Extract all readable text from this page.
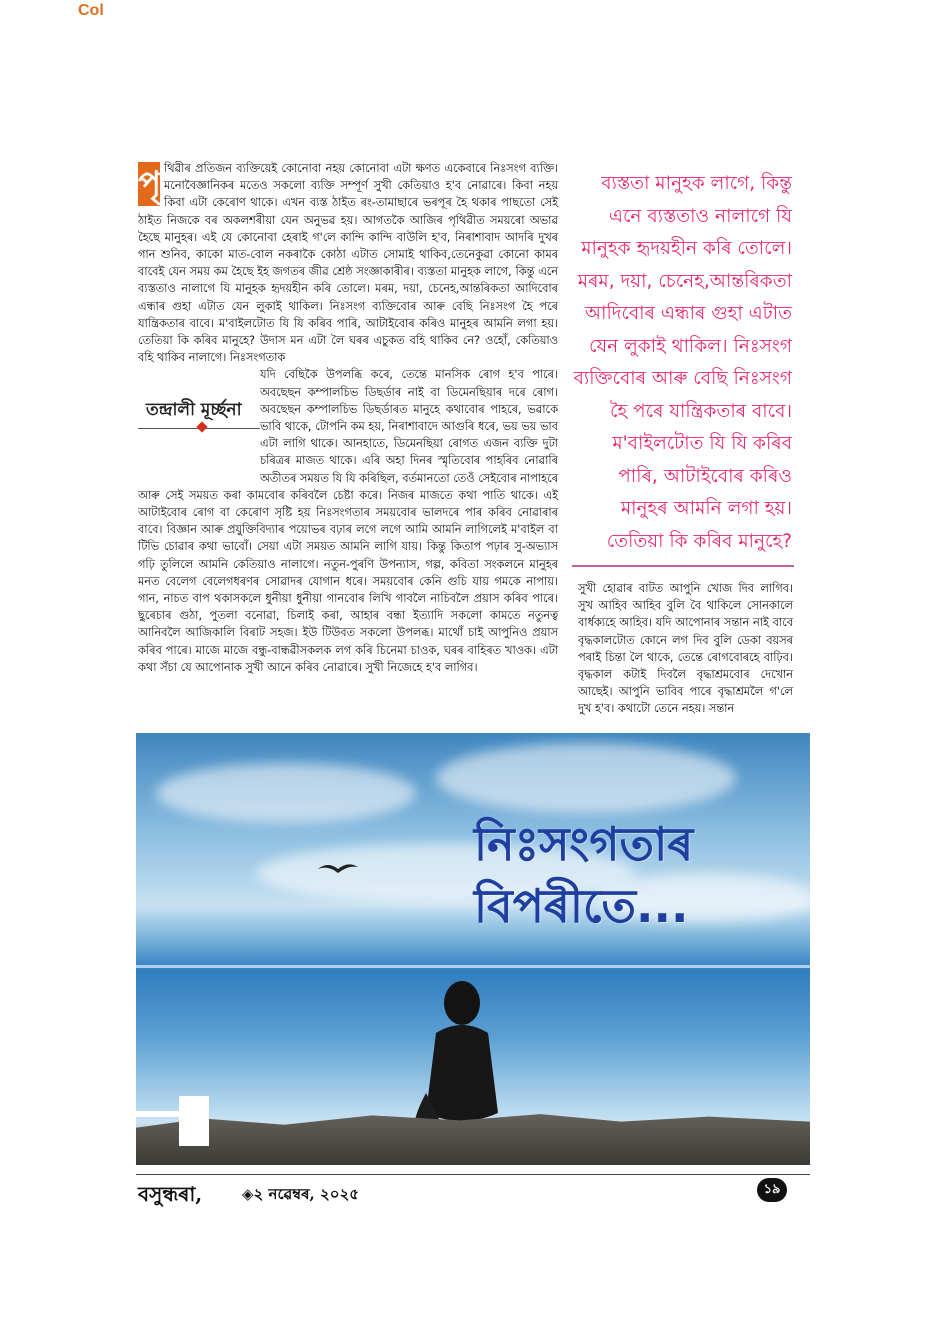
Col
পৃ থিৱীৰ প্ৰতিজন ব্যক্তিয়েই কোনোবা নহয় কোনোবা এটা ক্ষণত একেবাৰে নিঃসংগ ব্যক্তি। মনোবৈজ্ঞানিকৰ মতেও সকলো ব্যক্তি সম্পূৰ্ণ সুখী কেতিয়াও হ'ব নোৱাৰে। কিবা নহয় কিবা এটা কেৰোণ থাকে। এখন ব্যস্ত ঠাইত ৰং-তামাছাৰে ভৰপূৰ হৈ থকাৰ পাছতো সেই ঠাইত নিজকে বৰ অকলশৰীয়া যেন অনুভৱ হয়। আগতকৈ আজিৰ পৃথিৱীত সময়ৰো অভাৱ হৈছে মানুহৰ। এই যে কোনোবা হেৰাই গ'লে কান্দি কান্দি বাউলি হ'ব, নিৰাশাবাদ আদৰি দুখৰ গান শুনিব, কাকো মাত-বোল নকৰাকৈ কোঠা এটাত সোমাই থাকিব,তেনেকুৱা কোনো কামৰ বাবেই যেন সময় কম হৈছে ইহ জগতৰ জীৱ শ্ৰেষ্ঠ সংজ্ঞাকাৰীৰ। ব্যস্ততা মানুহক লাগে, কিন্তু এনে ব্যস্ততাও নালাগে যি মানুহক হৃদয়হীন কৰি তোলে। মৰম, দয়া, চেনেহ,আন্তৰিকতা আদিবোৰ এন্ধাৰ গুহা এটাত যেন লুকাই থাকিল। নিঃসংগ ব্যক্তিবোৰ আৰু বেছি নিঃসংগ হৈ পৰে যান্ত্ৰিকতাৰ বাবে। ম'বাইলটোত যি যি কৰিব পাৰি, আটাইবোৰ কৰিও মানুহৰ আমনি লগা হয়। তেতিয়া কি কৰিব মানুহে? উদাস মন এটা লৈ ঘৰৰ এচুকত বহি থাকিব নে? ওহোঁ, কেতিয়াও বহি থাকিব নালাগে। নিঃসংগতাক

তন্দ্ৰালী মূৰ্চ্ছনা

যদি বেছিকৈ উপলব্ধি কৰে, তেন্তে মানসিক ৰোগ হ'ব পাৰে। অবছেছন কম্পালচিভ ডিছৰ্ডাৰ নাই বা ডিমেনছিয়াৰ দৰে ৰোগ। অবছেছন কম্পালচিভ ডিছৰ্ডাৰত মানুহে কথাবোৰ পাহৰে, ভৱাকে ভাবি থাকে, টোপনি কম হয়, নিৰাশাবাদে আগুৰি ধৰে, ভয় ভয় ভাব এটা লাগি থাকে। আনহাতে, ডিমেনছিয়া ৰোগত এজন ব্যক্তি দুটা চৰিত্ৰৰ মাজত থাকে। এৰি অহা দিনৰ স্মৃতিবোৰ পাহৰিব নোৱাৰি অতীতৰ সময়ত যি যি কৰিছিল, বৰ্তমানতো তেওঁ সেইবোৰ নাপাহৰে আৰু সেই সময়ত কৰা কামবোৰ কৰিবলৈ চেষ্টা কৰে। নিজৰ মাজতে কথা পাতি থাকে। এই আটাইবোৰ ৰোগ বা কেৰোণ সৃষ্টি হয় নিঃসংগতাৰ সময়বোৰ ভালদৰে পাৰ কৰিব নোৱাৰাৰ বাবে। বিজ্ঞান আৰু প্ৰযুক্তিবিদ্যাৰ পয়োভৰ বঢ়াৰ লগে লগে আমি আমনি লাগিলেই ম'বাইল বা টিভি চোৱাৰ কথা ভাবোঁ। সেয়া এটা সময়ত আমনি লাগি যায়। কিন্তু কিতাপ পঢ়াৰ সু-অভ্যাস গঢ়ি তুলিলে আমনি কেতিয়াও নালাগে। নতুন-পুৰণি উপন্যাস, গল্প, কবিতা সংকলনে মানুহৰ মনত বেলেগ বেলেগধৰণৰ সোৱাদৰ যোগান ধৰে। সময়বোৰ কেনি গুচি যায় গমকে নাপায়। গান, নাচত বাপ থকাসকলে ধুনীয়া ধুনীয়া গানবোৰ লিখি গাবলৈ নাচিবলৈ প্ৰয়াস কৰিব পাৰে। ছুৰেচাৰ গুঠা, পুতলা বনোৱা, চিলাই কৰা, আহাৰ বন্ধা ইত্যাদি সকলো কামতে নতুনত্ব আনিবলৈ আজিকালি বিৰাট সহজ। ইউ টিউবত সকলো উপলব্ধ। মাথোঁ চাই আপুনিও প্ৰয়াস কৰিব পাৰে। মাজে মাজে বন্ধু-বান্ধৱীসকলক লগ কৰি চিনেমা চাওক, ঘৰৰ বাহিৰত খাওক। এটা কথা সঁচা যে আপোনাক সুখী আনে কৰিব নোৱাৰে। সুখী নিজেহে হ'ব লাগিব।

ব্যস্ততা মানুহক লাগে, কিন্তু এনে ব্যস্ততাও নালাগে যি মানুহক হৃদয়হীন কৰি তোলে। মৰম, দয়া, চেনেহ,আন্তৰিকতা আদিবোৰ এন্ধাৰ গুহা এটাত যেন লুকাই থাকিল। নিঃসংগ ব্যক্তিবোৰ আৰু বেছি নিঃসংগ হৈ পৰে যান্ত্ৰিকতাৰ বাবে। ম'বাইলটোত যি যি কৰিব পাৰি, আটাইবোৰ কৰিও মানুহৰ আমনি লগা হয়। তেতিয়া কি কৰিব মানুহে?
সুখী হোৱাৰ বাটত আপুনি খোজ দিব লাগিব। সুখ আহিব আহিব বুলি বৈ থাকিলে সোনকালে বাৰ্ধক্যহে আহিব। যদি আপোনাৰ সন্তান নাই বাবে বৃদ্ধকালটোত কোনে লগ দিব বুলি ডেকা বয়সৰ পৰাই চিন্তা লৈ থাকে, তেন্তে ৰোগবোৰহে বাঢ়িব। বৃদ্ধকাল কটাই দিবলৈ বৃদ্ধাশ্ৰমবোৰ দেখোন আছেই। আপুনি ভাবিব পাৰে বৃদ্ধাশ্ৰমলৈ গ'লে দুখ হ'ব। কথাটো তেনে নহয়। সন্তান
নিঃসংগতাৰ
বিপৰীতে...
বসুন্ধৰা,	◈২ নৱেম্বৰ, ২০২৫	১৯
